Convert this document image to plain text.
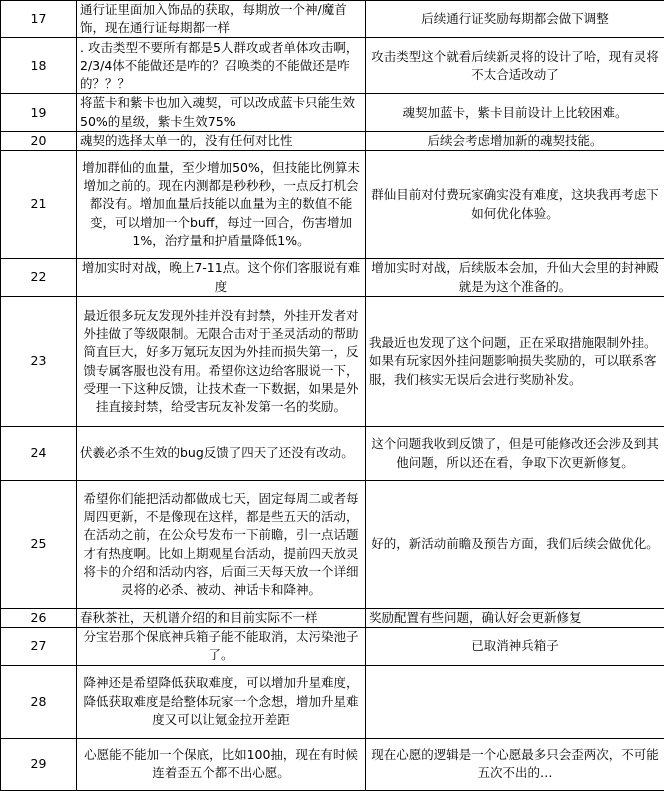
17	通行证里面加入饰品的获取，每期放一个神/魔首饰，现在通行证每期都一样	后续通行证奖励每期都会做下调整
18	. 攻击类型不要所有都是5人群攻或者单体攻击啊，2/3/4体不能做还是咋的？召唤类的不能做还是咋的？？？	攻击类型这个就看后续新灵将的设计了哈，现有灵将不太合适改动了
19	将蓝卡和紫卡也加入魂契，可以改成蓝卡只能生效50%的星级，紫卡生效75%	魂契加蓝卡，紫卡目前设计上比较困难。
20	魂契的选择太单一的，没有任何对比性	后续会考虑增加新的魂契技能。
21	增加群仙的血量，至少增加50%，但技能比例算未增加之前的。现在内测都是秒秒秒，一点反打机会都没有。增加血量后技能以血量为主的数值不能变，可以增加一个buff，每过一回合，伤害增加1%，治疗量和护盾量降低1%。	群仙目前对付费玩家确实没有难度，这块我再考虑下如何优化体验。
22	增加实时对战，晚上7-11点。这个你们客服说有难度	增加实时对战，后续版本会加，升仙大会里的封神殿就是为这个准备的。
23	最近很多玩友发现外挂并没有封禁，外挂开发者对外挂做了等级限制。无限合击对于圣灵活动的帮助简直巨大，好多万氪玩友因为外挂而损失第一，反馈专属客服也没有用。希望你这边给客服说一下，受理一下这种反馈，让技术查一下数据，如果是外挂直接封禁，给受害玩友补发第一名的奖励。	我最近也发现了这个问题，正在采取措施限制外挂。如果有玩家因外挂问题影响损失奖励的，可以联系客服，我们核实无误后会进行奖励补发。
24	伏羲必杀不生效的bug反馈了四天了还没有改动。	这个问题我收到反馈了，但是可能修改还会涉及到其他问题，所以还在看，争取下次更新修复。
25	希望你们能把活动都做成七天，固定每周二或者每周四更新，不是像现在这样，都是些五天的活动，在活动之前，在公众号发布一下前瞻，引一点话题才有热度啊。比如上期观星台活动，提前四天放灵将卡的介绍和活动内容，后面三天每天放一个详细灵将的必杀、被动、神话卡和降神。	好的，新活动前瞻及预告方面，我们后续会做优化。
26	春秋茶社，天机谱介绍的和目前实际不一样	奖励配置有些问题，确认好会更新修复
27	分宝岩那个保底神兵箱子能不能取消，太污染池子了。	已取消神兵箱子
28	降神还是希望降低获取难度，可以增加升星难度，降低获取难度是给整体玩家一个念想，增加升星难度又可以让氪金拉开差距	
29	心愿能不能加一个保底，比如100抽，现在有时候连着歪五个都不出心愿。	现在心愿的逻辑是一个心愿最多只会歪两次，不可能五次不出的…
